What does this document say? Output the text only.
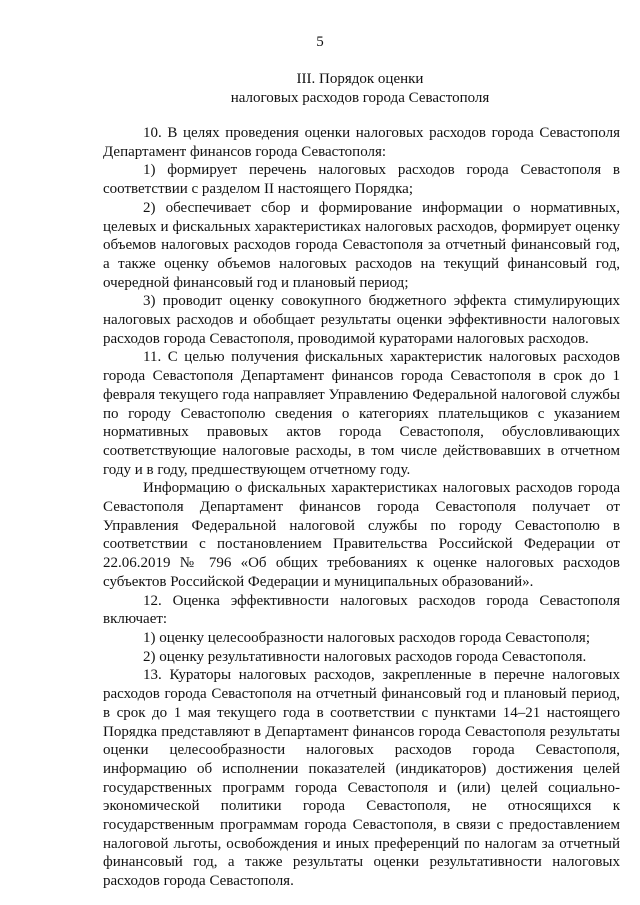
5
III. Порядок оценки
налоговых расходов города Севастополя

10. В целях проведения оценки налоговых расходов города Севастополя Департамент финансов города Севастополя:

1) формирует перечень налоговых расходов города Севастополя в соответствии с разделом II настоящего Порядка;

2) обеспечивает сбор и формирование информации о нормативных, целевых и фискальных характеристиках налоговых расходов, формирует оценку объемов налоговых расходов города Севастополя за отчетный финансовый год, а также оценку объемов налоговых расходов на текущий финансовый год, очередной финансовый год и плановый период;

3) проводит оценку совокупного бюджетного эффекта стимулирующих налоговых расходов и обобщает результаты оценки эффективности налоговых расходов города Севастополя, проводимой кураторами налоговых расходов.

11. С целью получения фискальных характеристик налоговых расходов города Севастополя Департамент финансов города Севастополя в срок до 1 февраля текущего года направляет Управлению Федеральной налоговой службы по городу Севастополю сведения о категориях плательщиков с указанием нормативных правовых актов города Севастополя, обусловливающих соответствующие налоговые расходы, в том числе действовавших в отчетном году и в году, предшествующем отчетному году.

Информацию о фискальных характеристиках налоговых расходов города Севастополя Департамент финансов города Севастополя получает от Управления Федеральной налоговой службы по городу Севастополю в соответствии с постановлением Правительства Российской Федерации от 22.06.2019 № 796 «Об общих требованиях к оценке налоговых расходов субъектов Российской Федерации и муниципальных образований».

12. Оценка эффективности налоговых расходов города Севастополя включает:

1) оценку целесообразности налоговых расходов города Севастополя;

2) оценку результативности налоговых расходов города Севастополя.

13. Кураторы налоговых расходов, закрепленные в перечне налоговых расходов города Севастополя на отчетный финансовый год и плановый период, в срок до 1 мая текущего года в соответствии с пунктами 14–21 настоящего Порядка представляют в Департамент финансов города Севастополя результаты оценки целесообразности налоговых расходов города Севастополя, информацию об исполнении показателей (индикаторов) достижения целей государственных программ города Севастополя и (или) целей социально-экономической политики города Севастополя, не относящихся к государственным программам города Севастополя, в связи с предоставлением налоговой льготы, освобождения и иных преференций по налогам за отчетный финансовый год, а также результаты оценки результативности налоговых расходов города Севастополя.
